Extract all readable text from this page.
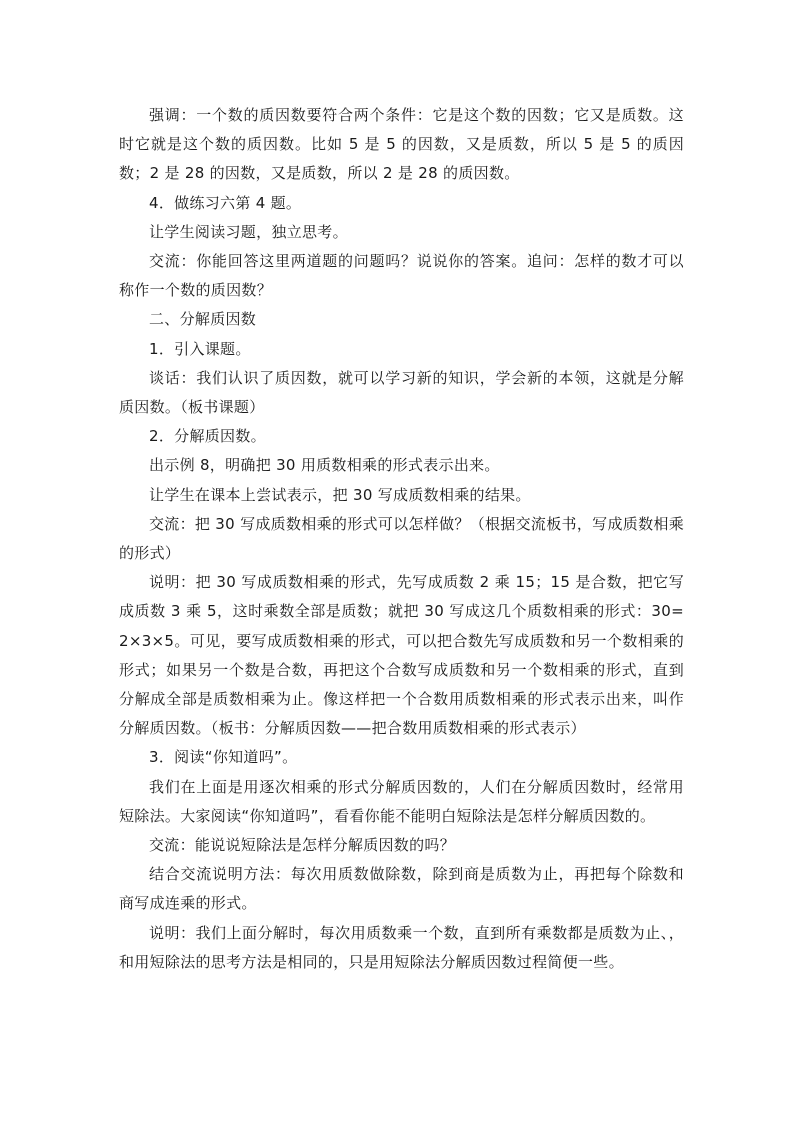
强调：一个数的质因数要符合两个条件：它是这个数的因数；它又是质数。这时它就是这个数的质因数。比如 5 是 5 的因数，又是质数，所以 5 是 5 的质因数；2 是 28 的因数，又是质数，所以 2 是 28 的质因数。

4．做练习六第 4 题。

让学生阅读习题，独立思考。

交流：你能回答这里两道题的问题吗？说说你的答案。追问：怎样的数才可以称作一个数的质因数？

二、分解质因数

1．引入课题。

谈话：我们认识了质因数，就可以学习新的知识，学会新的本领，这就是分解质因数。（板书课题）

2．分解质因数。

出示例 8，明确把 30 用质数相乘的形式表示出来。

让学生在课本上尝试表示，把 30 写成质数相乘的结果。

交流：把 30 写成质数相乘的形式可以怎样做？（根据交流板书，写成质数相乘的形式）

说明：把 30 写成质数相乘的形式，先写成质数 2 乘 15；15 是合数，把它写成质数 3 乘 5，这时乘数全部是质数；就把 30 写成这几个质数相乘的形式：30=2×3×5。可见，要写成质数相乘的形式，可以把合数先写成质数和另一个数相乘的形式；如果另一个数是合数，再把这个合数写成质数和另一个数相乘的形式，直到分解成全部是质数相乘为止。像这样把一个合数用质数相乘的形式表示出来，叫作分解质因数。（板书：分解质因数——把合数用质数相乘的形式表示）

3．阅读“你知道吗”。

我们在上面是用逐次相乘的形式分解质因数的，人们在分解质因数时，经常用短除法。大家阅读“你知道吗”，看看你能不能明白短除法是怎样分解质因数的。

交流：能说说短除法是怎样分解质因数的吗？

结合交流说明方法：每次用质数做除数，除到商是质数为止，再把每个除数和商写成连乘的形式。

说明：我们上面分解时，每次用质数乘一个数，直到所有乘数都是质数为止、，和用短除法的思考方法是相同的，只是用短除法分解质因数过程简便一些。
